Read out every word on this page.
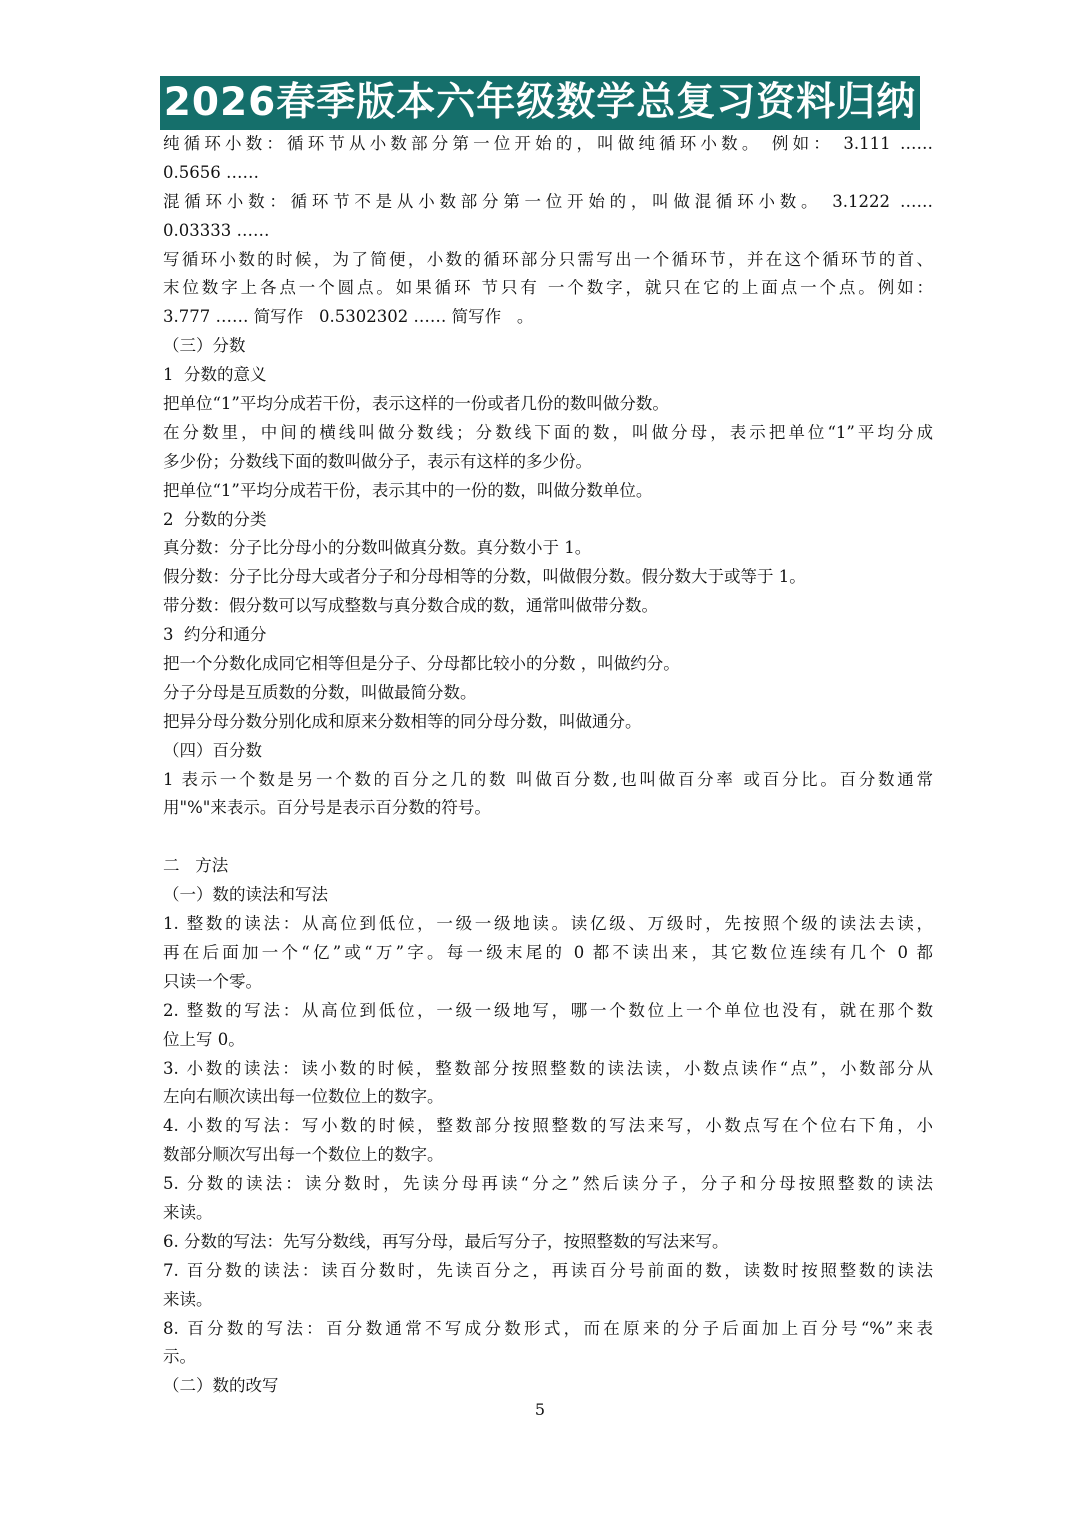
2026春季版本六年级数学总复习资料归纳
纯循环小数：循环节从小数部分第一位开始的，叫做纯循环小数。 例如： 3.111 ……
0.5656 ……
混循环小数：循环节不是从小数部分第一位开始的，叫做混循环小数。 3.1222 ……
0.03333 ……
写循环小数的时候，为了简便，小数的循环部分只需写出一个循环节，并在这个循环节的首、
末位数字上各点一个圆点。如果循环 节只有 一个数字，就只在它的上面点一个点。例如：
3.777 …… 简写作   0.5302302 …… 简写作   。
（三）分数
1  分数的意义
把单位“1”平均分成若干份，表示这样的一份或者几份的数叫做分数。
在分数里，中间的横线叫做分数线；分数线下面的数，叫做分母，表示把单位“1”平均分成
多少份；分数线下面的数叫做分子，表示有这样的多少份。
把单位“1”平均分成若干份，表示其中的一份的数，叫做分数单位。
2  分数的分类
真分数：分子比分母小的分数叫做真分数。真分数小于 1。
假分数：分子比分母大或者分子和分母相等的分数，叫做假分数。假分数大于或等于 1。
带分数：假分数可以写成整数与真分数合成的数，通常叫做带分数。
3  约分和通分
把一个分数化成同它相等但是分子、分母都比较小的分数 ，叫做约分。
分子分母是互质数的分数，叫做最简分数。
把异分母分数分别化成和原来分数相等的同分母分数，叫做通分。
（四）百分数
1 表示一个数是另一个数的百分之几的数 叫做百分数,也叫做百分率 或百分比。百分数通常
用"%"来表示。百分号是表示百分数的符号。
二   方法
（一）数的读法和写法
1. 整数的读法：从高位到低位，一级一级地读。读亿级、万级时，先按照个级的读法去读，
再在后面加一个“亿”或“万”字。每一级末尾的 0 都不读出来，其它数位连续有几个 0 都
只读一个零。
2. 整数的写法：从高位到低位，一级一级地写，哪一个数位上一个单位也没有，就在那个数
位上写 0。
3. 小数的读法：读小数的时候，整数部分按照整数的读法读，小数点读作“点”，小数部分从
左向右顺次读出每一位数位上的数字。
4. 小数的写法：写小数的时候，整数部分按照整数的写法来写，小数点写在个位右下角，小
数部分顺次写出每一个数位上的数字。
5. 分数的读法：读分数时，先读分母再读“分之”然后读分子，分子和分母按照整数的读法
来读。
6. 分数的写法：先写分数线，再写分母，最后写分子，按照整数的写法来写。
7. 百分数的读法：读百分数时，先读百分之，再读百分号前面的数，读数时按照整数的读法
来读。
8. 百分数的写法：百分数通常不写成分数形式，而在原来的分子后面加上百分号“%”来表
示。
（二）数的改写
5
